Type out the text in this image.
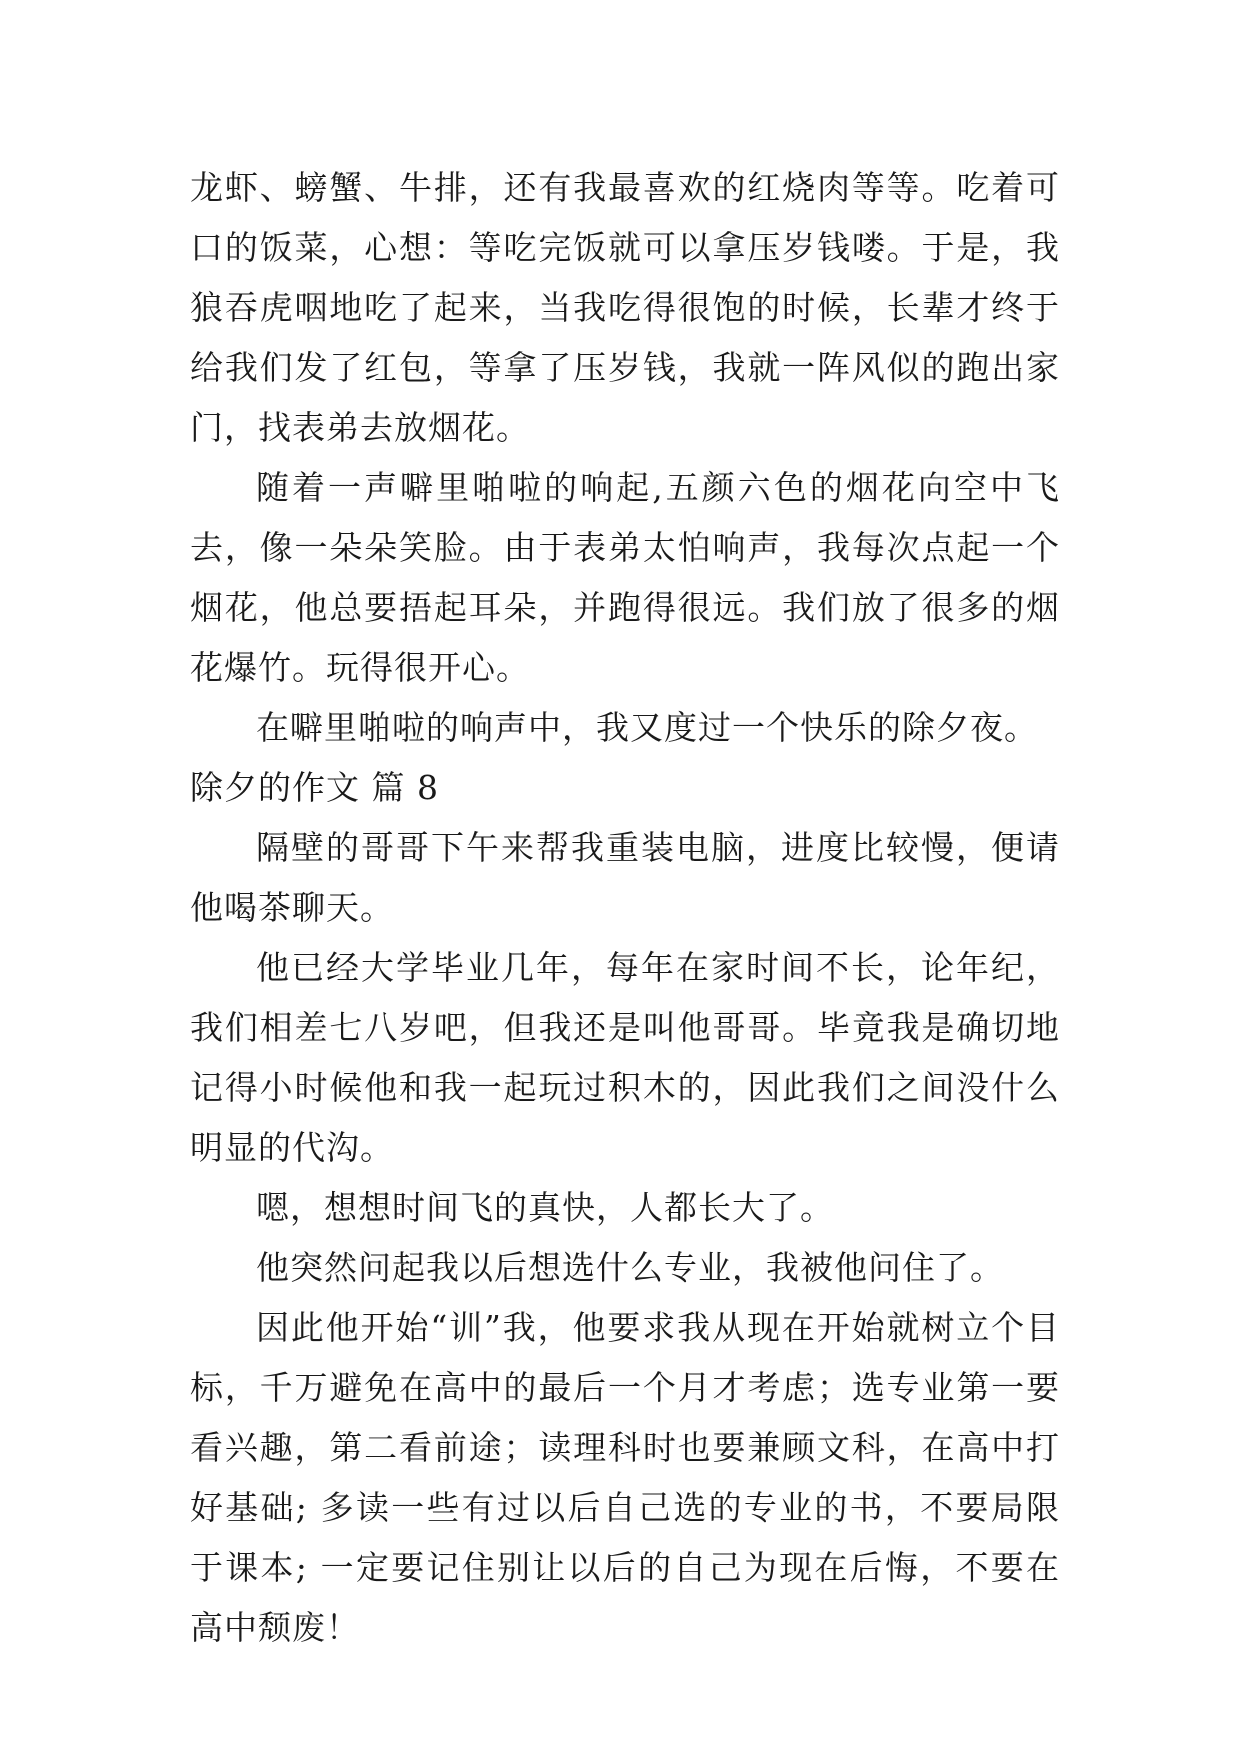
龙虾、螃蟹、牛排，还有我最喜欢的红烧肉等等。吃着可口的饭菜，心想：等吃完饭就可以拿压岁钱喽。于是，我狼吞虎咽地吃了起来，当我吃得很饱的时候，长辈才终于给我们发了红包，等拿了压岁钱，我就一阵风似的跑出家门，找表弟去放烟花。

随着一声噼里啪啦的响起,五颜六色的烟花向空中飞去，像一朵朵笑脸。由于表弟太怕响声，我每次点起一个烟花，他总要捂起耳朵，并跑得很远。我们放了很多的烟花爆竹。玩得很开心。

在噼里啪啦的响声中，我又度过一个快乐的除夕夜。

除夕的作文 篇 8

隔壁的哥哥下午来帮我重装电脑，进度比较慢，便请他喝茶聊天。

他已经大学毕业几年，每年在家时间不长，论年纪，我们相差七八岁吧，但我还是叫他哥哥。毕竟我是确切地记得小时候他和我一起玩过积木的，因此我们之间没什么明显的代沟。

嗯，想想时间飞的真快，人都长大了。

他突然问起我以后想选什么专业，我被他问住了。

因此他开始“训”我，他要求我从现在开始就树立个目标，千万避免在高中的最后一个月才考虑；选专业第一要看兴趣，第二看前途；读理科时也要兼顾文科，在高中打好基础; 多读一些有过以后自己选的专业的书，不要局限于课本; 一定要记住别让以后的自己为现在后悔，不要在高中颓废！
